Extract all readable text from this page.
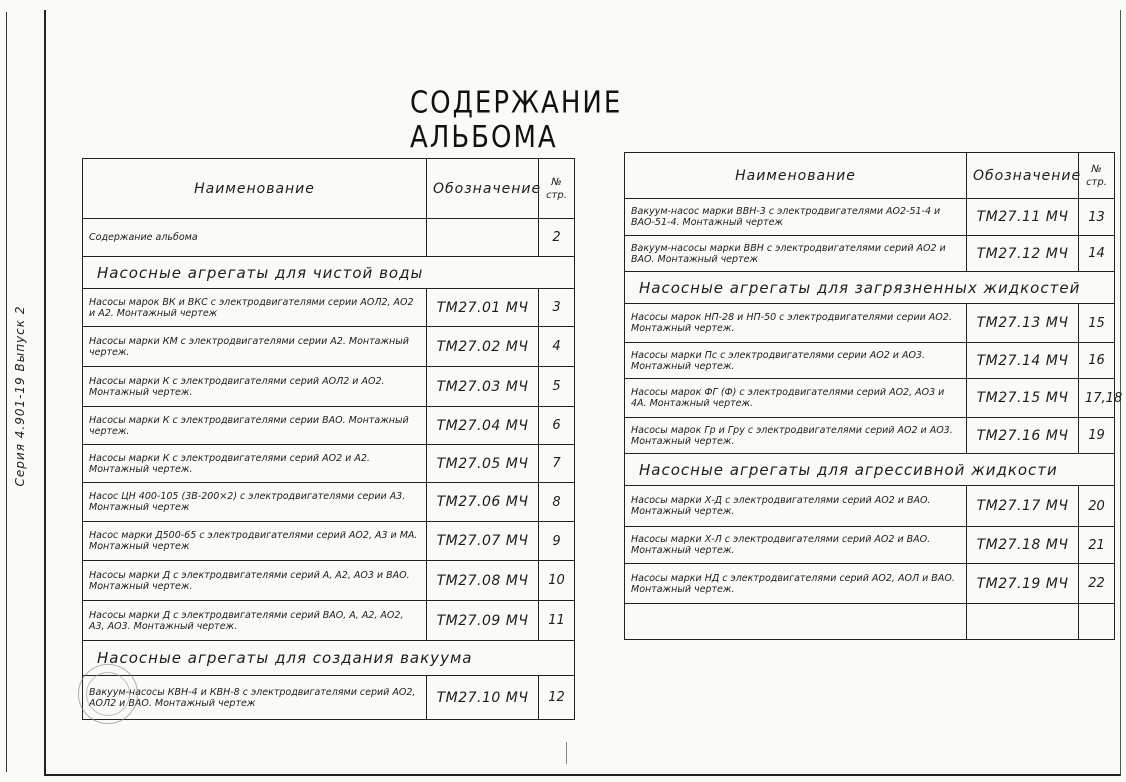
Серия 4.901-19 Выпуск 2
СОДЕРЖАНИЕ АЛЬБОМА
Наименование	Обозначение	№ стр.
Содержание альбома		2
Насосные агрегаты для чистой воды		
Насосы марок ВК и ВКС с электродвигателями серии АОЛ2, АО2 и А2. Монтажный чертеж	ТМ27.01 МЧ	3
Насосы марки КМ с электродвигателями серии А2. Монтажный чертеж.	ТМ27.02 МЧ	4
Насосы марки К с электродвигателями серий АОЛ2 и АО2. Монтажный чертеж.	ТМ27.03 МЧ	5
Насосы марки К с электродвигателями серии ВАО. Монтажный чертеж.	ТМ27.04 МЧ	6
Насосы марки К с электродвигателями серий АО2 и А2. Монтажный чертеж.	ТМ27.05 МЧ	7
Насос ЦН 400-105 (3В-200×2) с электродвигателями серии А3. Монтажный чертеж	ТМ27.06 МЧ	8
Насос марки Д500-65 с электродвигателями серий АО2, А3 и МА. Монтажный чертеж	ТМ27.07 МЧ	9
Насосы марки Д с электродвигателями серий А, А2, АО3 и ВАО. Монтажный чертеж.	ТМ27.08 МЧ	10
Насосы марки Д с электродвигателями серий ВАО, А, А2, АО2, А3, АО3. Монтажный чертеж.	ТМ27.09 МЧ	11
Насосные агрегаты для создания вакуума		
Вакуум-насосы КВН-4 и КВН-8 с электродвигателями серий АО2, АОЛ2 и ВАО. Монтажный чертеж	ТМ27.10 МЧ	12
Наименование	Обозначение	№ стр.
Вакуум-насос марки ВВН-3 с электродвигателями АО2-51-4 и ВАО-51-4. Монтажный чертеж	ТМ27.11 МЧ	13
Вакуум-насосы марки ВВН с электродвигателями серий АО2 и ВАО. Монтажный чертеж	ТМ27.12 МЧ	14
Насосные агрегаты для загрязненных жидкостей		
Насосы марок НП-28 и НП-50 с электродвигателями серии АО2. Монтажный чертеж.	ТМ27.13 МЧ	15
Насосы марки Пс с электродвигателями серии АО2 и АО3. Монтажный чертеж.	ТМ27.14 МЧ	16
Насосы марок ФГ (Ф) с электродвигателями серий АО2, АО3 и 4А. Монтажный чертеж.	ТМ27.15 МЧ	17,18
Насосы марок Гр и Грy с электродвигателями серий АО2 и АО3. Монтажный чертеж.	ТМ27.16 МЧ	19
Насосные агрегаты для агрессивной жидкости		
Насосы марки Х-Д с электродвигателями серий АО2 и ВАО. Монтажный чертеж.	ТМ27.17 МЧ	20
Насосы марки Х-Л с электродвигателями серий АО2 и ВАО. Монтажный чертеж.	ТМ27.18 МЧ	21
Насосы марки НД с электродвигателями серий АО2, АОЛ и ВАО. Монтажный чертеж.	ТМ27.19 МЧ	22
